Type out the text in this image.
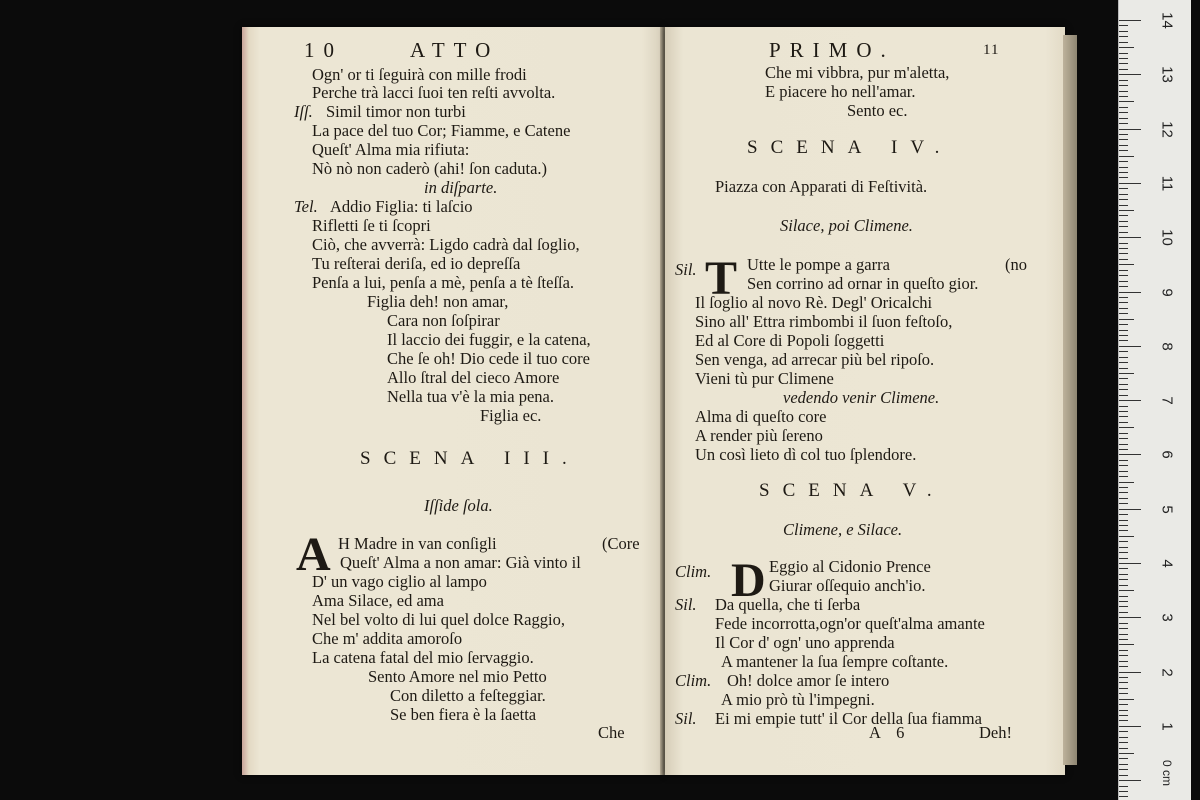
10	ATTO
Ogn' or ti ſeguirà con mille frodi
Perche trà lacci ſuoi ten reſti avvolta.
Iſſ. Simil timor non turbi
La pace del tuo Cor; Fiamme, e Catene
Queſt' Alma mia rifiuta:
Nò nò non caderò (ahi! ſon caduta.)
in diſparte.
Tel. Addio Figlia: ti laſcio
Rifletti ſe ti ſcopri
Ciò, che avverrà: Ligdo cadrà dal ſoglio,
Tu reſterai deriſa, ed io depreſſa
Penſa a lui, penſa a mè, penſa a tè ſteſſa.
Figlia deh! non amar,
Cara non ſoſpirar
Il laccio dei fuggir, e la catena,
Che ſe oh! Dio cede il tuo core
Allo ſtral del cieco Amore
Nella tua v'è la mia pena.
Figlia ec.
SCENA III.
Iſſide ſola.
A H Madre in van conſigli	(Core
Queſt' Alma a non amar: Già vinto il
D' un vago ciglio al lampo
Ama Silace, ed ama
Nel bel volto di lui quel dolce Raggio,
Che m' addita amoroſo
La catena fatal del mio ſervaggio.
Sento Amore nel mio Petto
Con diletto a feſteggiar.
Se ben fiera è la ſaetta
Che
PRIMO.	11
Che mi vibbra, pur m'aletta,
E piacere ho nell'amar.
Sento ec.
SCENA IV.
Piazza con Apparati di Feſtività.
Silace, poi Climene.
Sil. T Utte le pompe a garra	(no
Sen corrino ad ornar in queſto gior.
Il ſoglio al novo Rè. Degl' Oricalchi
Sino all' Ettra rimbombi il ſuon feſtoſo,
Ed al Core di Popoli ſoggetti
Sen venga, ad arrecar più bel ripoſo.
Vieni tù pur Climene
vedendo venir Climene.
Alma di queſto core
A render più ſereno
Un così lieto dì col tuo ſplendore.
SCENA V.
Climene, e Silace.
Clim. D Eggio al Cidonio Prence
Giurar oſſequio anch'io.
A 6	Deh!
Sil. Da quella, che ti ſerba
Fede incorrotta,ogn'or queſt'alma amante
Il Cor d' ogn' uno apprenda
A mantener la ſua ſempre coſtante.
Clim. Oh! dolce amor ſe intero
A mio prò tù l'impegni.
Sil. Ei mi empie tutt' il Cor della ſua fiamma
14
13
12
11
10
9
8
7
6
5
4
3
2
1
0 cm
